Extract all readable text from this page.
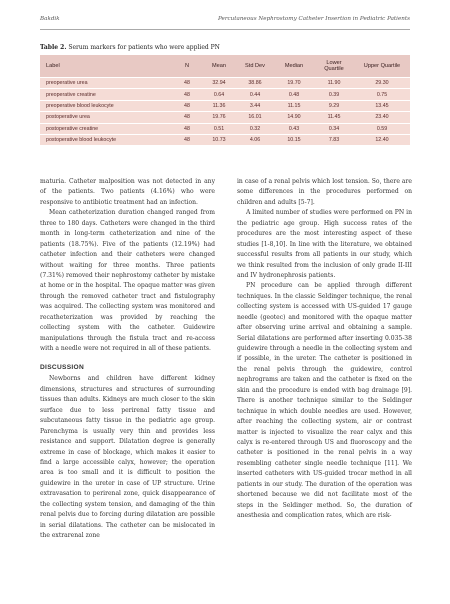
Bakdik	Percutaneous Nephrostomy Catheter Insertion in Pediatric Patients
Table 2. Serum markers for patients who were applied PN
Label	N	Mean	Std Dev	Median	Lower Quartile	Upper Quartile
preoperative urea	48	32.94	38.86	19.70	11.90	29.30
preoperative creatine	48	0.64	0.44	0.48	0.39	0.75
preoperative blood leukocyte	48	11.36	3.44	11.15	9.29	13.45
postoperative urea	48	19.76	16.01	14.90	11.45	23.40
postoperative creatine	48	0.51	0.32	0.43	0.34	0.59
postoperative blood leukocyte	48	10.73	4.06	10.15	7.83	12.40

maturia. Catheter malposition was not detected in any of the patients. Two patients (4.16%) who were responsive to antibiotic treatment had an infection.

Mean catheterization duration changed ranged from three to 180 days. Catheters were changed in the third month in long-term catheterization and nine of the patients (18.75%). Five of the patients (12.19%) had catheter infection and their catheters were changed without waiting for three months. Three patients (7.31%) removed their nephrostomy catheter by mistake at home or in the hospital. The opaque matter was given through the removed catheter tract and fistulography was acquired. The collecting system was monitored and recatheterization was provided by reaching the collecting system with the catheter. Guidewire manipulations through the fistula tract and re-access with a needle were not required in all of these patients.

DISCUSSION

Newborns and children have different kidney dimensions, structures and structures of surrounding tissues than adults. Kidneys are much closer to the skin surface due to less perirenal fatty tissue and subcutaneous fatty tissue in the pediatric age group. Parenchyma is usually very thin and provides less resistance and support. Dilatation degree is generally extreme in case of blockage, which makes it easier to find a large accessible calyx, however; the operation area is too small and it is difficult to position the guidewire in the ureter in case of UP structure. Urine extravasation to perirenal zone, quick disappearance of the collecting system tension, and damaging of the thin renal pelvis due to forcing during dilatation are possible in serial dilatations. The catheter can be mislocated in the extrarenal zone

in case of a renal pelvis which lost tension. So, there are some differences in the procedures performed on children and adults [5-7].

A limited number of studies were performed on PN in the pediatric age group. High success rates of the procedures are the most interesting aspect of these studies [1-8,10]. In line with the literature, we obtained successful results from all patients in our study, which we think resulted from the inclusion of only grade II-III and IV hydronephrosis patients.

PN procedure can be applied through different techniques. In the classic Seldinger technique, the renal collecting system is accessed with US-guided 17 gauge needle (geotec) and monitored with the opaque matter after observing urine arrival and obtaining a sample. Serial dilatations are performed after inserting 0.035-38 guidewire through a needle in the collecting system and if possible, in the ureter. The catheter is positioned in the renal pelvis through the guidewire, control nephrograms are taken and the catheter is fixed on the skin and the procedure is ended with bag drainage [9]. There is another technique similar to the Seldinger technique in which double needles are used. However, after reaching the collecting system, air or contrast matter is injected to visualize the rear calyx and this calyx is re-entered through US and fluoroscopy and the catheter is positioned in the renal pelvis in a way resembling catheter single needle technique [11]. We inserted catheters with US-guided trocar method in all patients in our study. The duration of the operation was shortened because we did not facilitate most of the steps in the Seldinger method. So, the duration of anesthesia and complication rates, which are risk-
